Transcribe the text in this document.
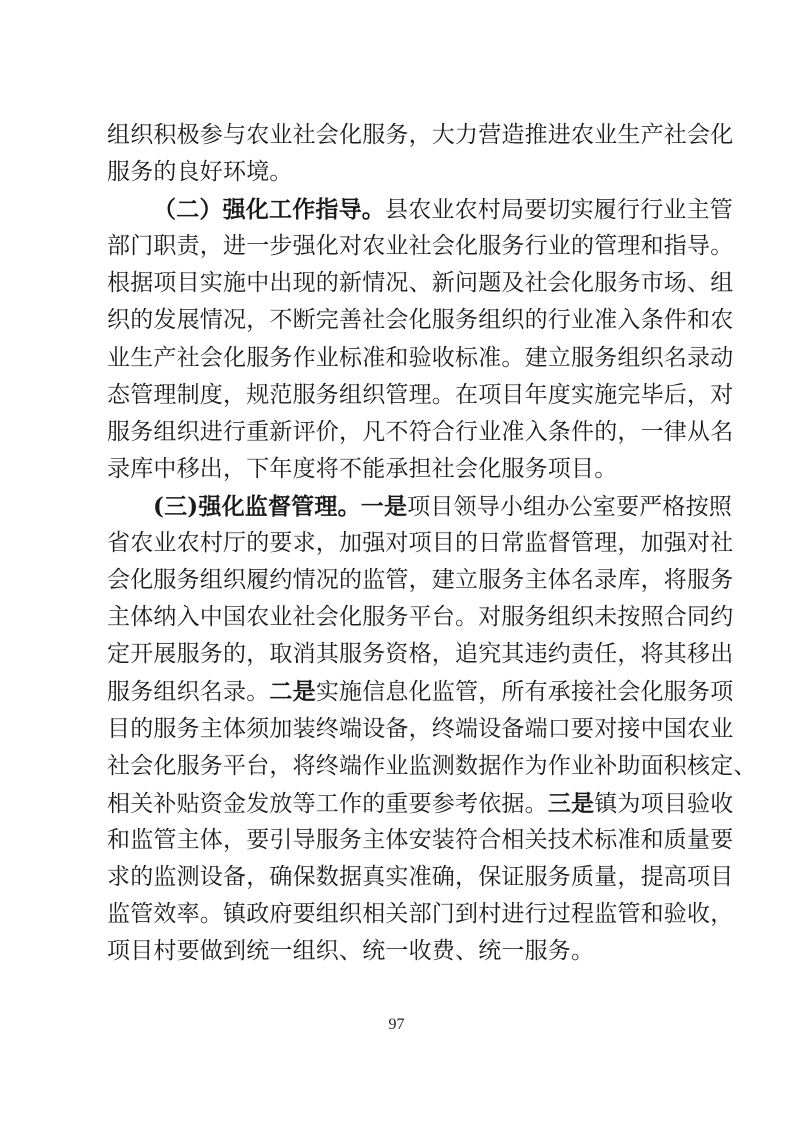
组织积极参与农业社会化服务，大力营造推进农业生产社会化
服务的良好环境。
（二）强化工作指导。县农业农村局要切实履行行业主管
部门职责，进一步强化对农业社会化服务行业的管理和指导。
根据项目实施中出现的新情况、新问题及社会化服务市场、组
织的发展情况，不断完善社会化服务组织的行业准入条件和农
业生产社会化服务作业标准和验收标准。建立服务组织名录动
态管理制度，规范服务组织管理。在项目年度实施完毕后，对
服务组织进行重新评价，凡不符合行业准入条件的，一律从名
录库中移出，下年度将不能承担社会化服务项目。
(三)强化监督管理。一是项目领导小组办公室要严格按照
省农业农村厅的要求，加强对项目的日常监督管理，加强对社
会化服务组织履约情况的监管，建立服务主体名录库，将服务
主体纳入中国农业社会化服务平台。对服务组织未按照合同约
定开展服务的，取消其服务资格，追究其违约责任，将其移出
服务组织名录。二是实施信息化监管，所有承接社会化服务项
目的服务主体须加装终端设备，终端设备端口要对接中国农业
社会化服务平台，将终端作业监测数据作为作业补助面积核定、
相关补贴资金发放等工作的重要参考依据。三是镇为项目验收
和监管主体，要引导服务主体安装符合相关技术标准和质量要
求的监测设备，确保数据真实准确，保证服务质量，提高项目
监管效率。镇政府要组织相关部门到村进行过程监管和验收，
项目村要做到统一组织、统一收费、统一服务。
97
